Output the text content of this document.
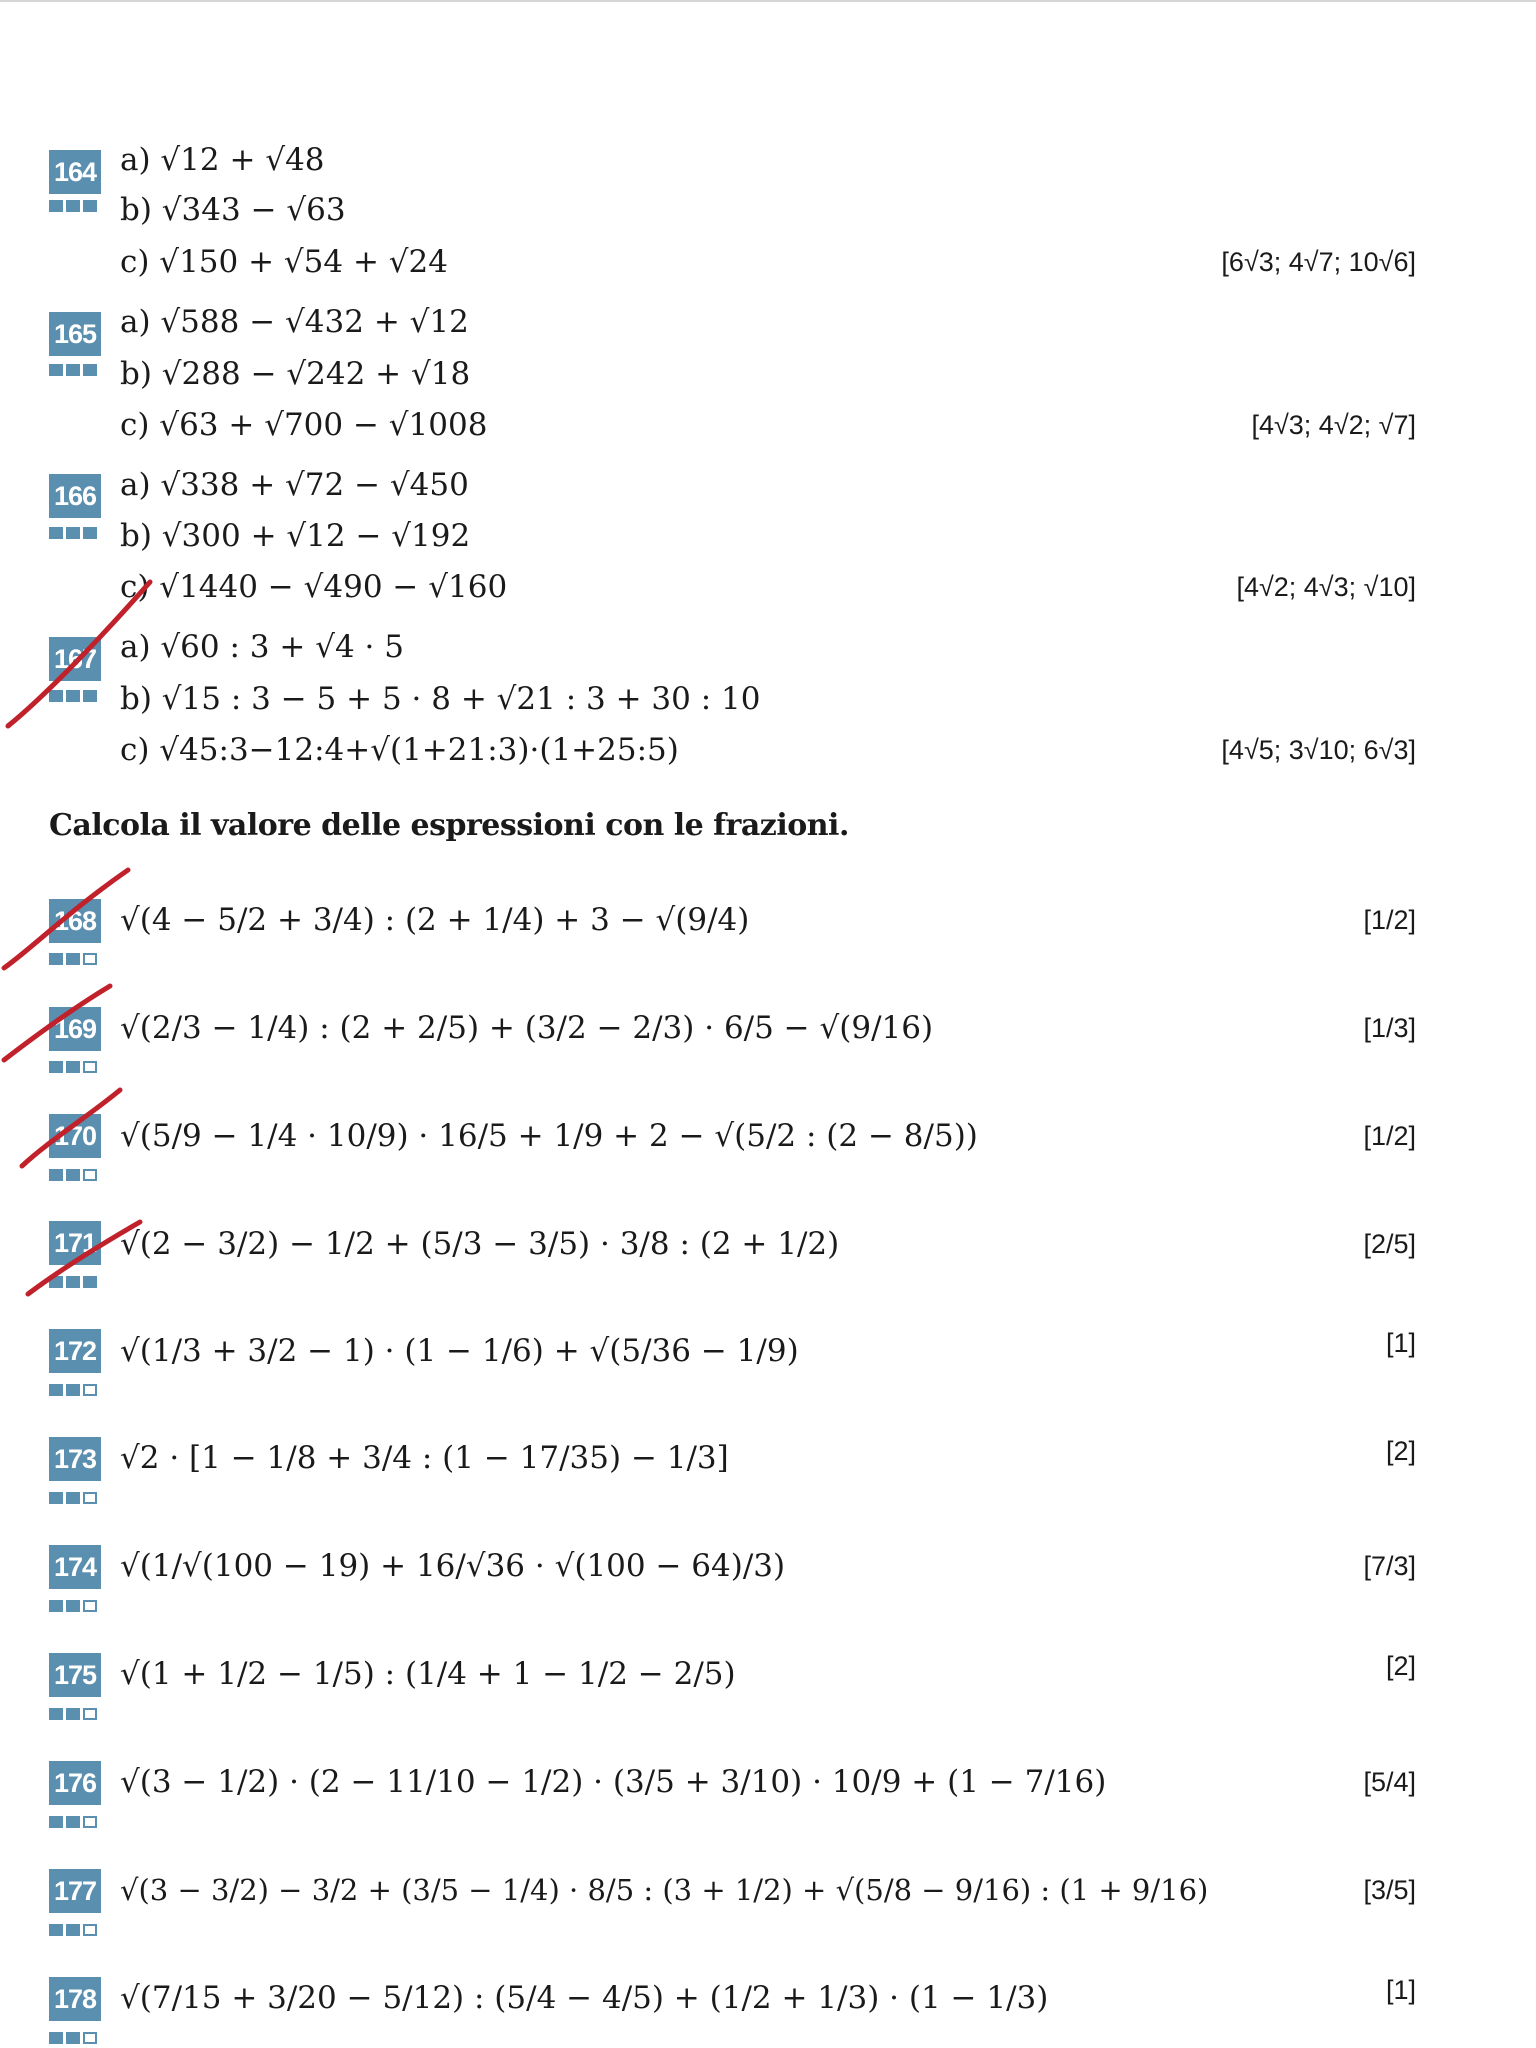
164 a) √12 + √48
b) √343 − √63
c) √150 + √54 + √24	[6√3; 4√7; 10√6]
165 a) √588 − √432 + √12
b) √288 − √242 + √18
c) √63 + √700 − √1008	[4√3; 4√2; √7]
166 a) √338 + √72 − √450
b) √300 + √12 − √192
c) √1440 − √490 − √160	[4√2; 4√3; √10]
167 a) √60 : 3 + √4 · 5
b) √15 : 3 − 5 + 5 · 8 + √21 : 3 + 30 : 10
c) √45:3−12:4+√(1+21:3)·(1+25:5)	[4√5; 3√10; 6√3]
Calcola il valore delle espressioni con le frazioni.
168 √(4 − 5/2 + 3/4) : (2 + 1/4) + 3 − √(9/4)	[1/2]
169 √(2/3 − 1/4) : (2 + 2/5) + (3/2 − 2/3) · 6/5 − √(9/16)	[1/3]
170 √(5/9 − 1/4 · 10/9) · 16/5 + 1/9 + 2 − √(5/2 : (2 − 8/5))	[1/2]
171 √(2 − 3/2) − 1/2 + (5/3 − 3/5) · 3/8 : (2 + 1/2)	[2/5]
172 √(1/3 + 3/2 − 1) · (1 − 1/6) + √(5/36 − 1/9)	[1]
173 √2 · [1 − 1/8 + 3/4 : (1 − 17/35) − 1/3]	[2]
174 √(1/√(100 − 19) + 16/√36 · √(100 − 64)/3)	[7/3]
175 √(1 + 1/2 − 1/5) : (1/4 + 1 − 1/2 − 2/5)	[2]
176 √(3 − 1/2) · (2 − 11/10 − 1/2) · (3/5 + 3/10) · 10/9 + (1 − 7/16)	[5/4]
177 √(3 − 3/2) − 3/2 + (3/5 − 1/4) · 8/5 : (3 + 1/2) + √(5/8 − 9/16) : (1 + 9/16)	[3/5]
178 √(7/15 + 3/20 − 5/12) : (5/4 − 4/5) + (1/2 + 1/3) · (1 − 1/3)	[1]
